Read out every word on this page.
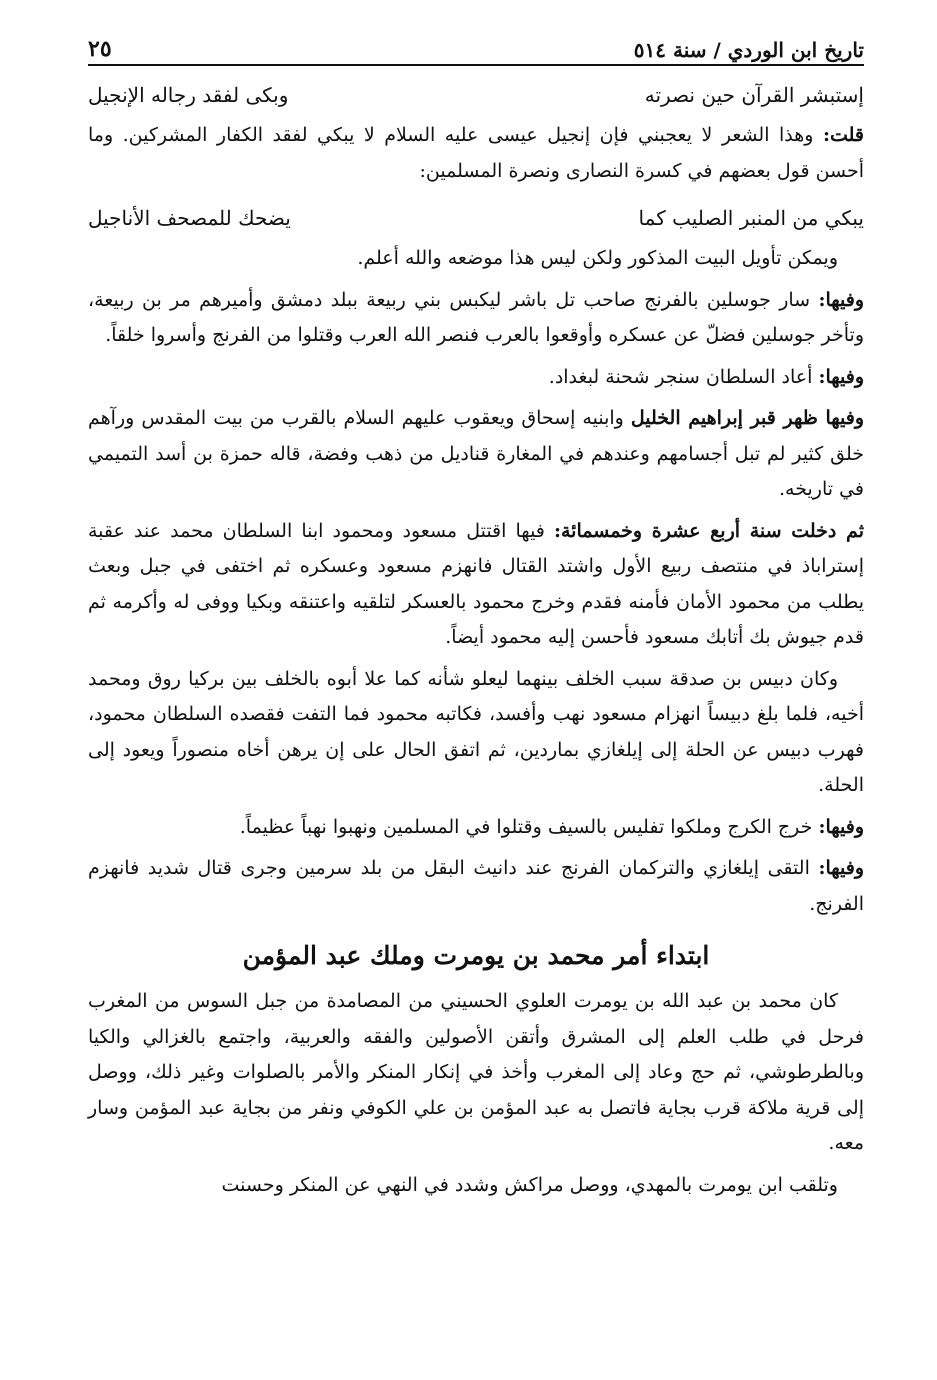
تاريخ ابن الوردي / سنة ٥١٤
٢٥
إستبشر القرآن حين نصرته
وبكى لفقد رجاله الإنجيل

قلت: وهذا الشعر لا يعجبني فإن إنجيل عيسى عليه السلام لا يبكي لفقد الكفار المشركين. وما أحسن قول بعضهم في كسرة النصارى ونصرة المسلمين:

يبكي من المنبر الصليب كما
يضحك للمصحف الأناجيل

ويمكن تأويل البيت المذكور ولكن ليس هذا موضعه والله أعلم.

وفيها: سار جوسلين بالفرنج صاحب تل باشر ليكبس بني ربيعة ببلد دمشق وأميرهم مر بن ربيعة، وتأخر جوسلين فضلّ عن عسكره وأوقعوا بالعرب فنصر الله العرب وقتلوا من الفرنج وأسروا خلقاً.

وفيها: أعاد السلطان سنجر شحنة لبغداد.

وفيها ظهر قبر إبراهيم الخليل وابنيه إسحاق ويعقوب عليهم السلام بالقرب من بيت المقدس ورآهم خلق كثير لم تبل أجسامهم وعندهم في المغارة قناديل من ذهب وفضة، قاله حمزة بن أسد التميمي في تاريخه.

ثم دخلت سنة أربع عشرة وخمسمائة: فيها اقتتل مسعود ومحمود ابنا السلطان محمد عند عقبة إستراباذ في منتصف ربيع الأول واشتد القتال فانهزم مسعود وعسكره ثم اختفى في جبل وبعث يطلب من محمود الأمان فأمنه فقدم وخرج محمود بالعسكر لتلقيه واعتنقه وبكيا ووفى له وأكرمه ثم قدم جيوش بك أتابك مسعود فأحسن إليه محمود أيضاً.

وكان دبيس بن صدقة سبب الخلف بينهما ليعلو شأنه كما علا أبوه بالخلف بين بركيا روق ومحمد أخيه، فلما بلغ دبيساً انهزام مسعود نهب وأفسد، فكاتبه محمود فما التفت فقصده السلطان محمود، فهرب دبيس عن الحلة إلى إيلغازي بماردين، ثم اتفق الحال على إن يرهن أخاه منصوراً ويعود إلى الحلة.

وفيها: خرج الكرج وملكوا تفليس بالسيف وقتلوا في المسلمين ونهبوا نهباً عظيماً.

وفيها: التقى إيلغازي والتركمان الفرنج عند دانيث البقل من بلد سرمين وجرى قتال شديد فانهزم الفرنج.

ابتداء أمر محمد بن يومرت وملك عبد المؤمن

كان محمد بن عبد الله بن يومرت العلوي الحسيني من المصامدة من جبل السوس من المغرب فرحل في طلب العلم إلى المشرق وأتقن الأصولين والفقه والعربية، واجتمع بالغزالي والكيا وبالطرطوشي، ثم حج وعاد إلى المغرب وأخذ في إنكار المنكر والأمر بالصلوات وغير ذلك، ووصل إلى قرية ملاكة قرب بجاية فاتصل به عبد المؤمن بن علي الكوفي ونفر من بجاية عبد المؤمن وسار معه.

وتلقب ابن يومرت بالمهدي، ووصل مراكش وشدد في النهي عن المنكر وحسنت
